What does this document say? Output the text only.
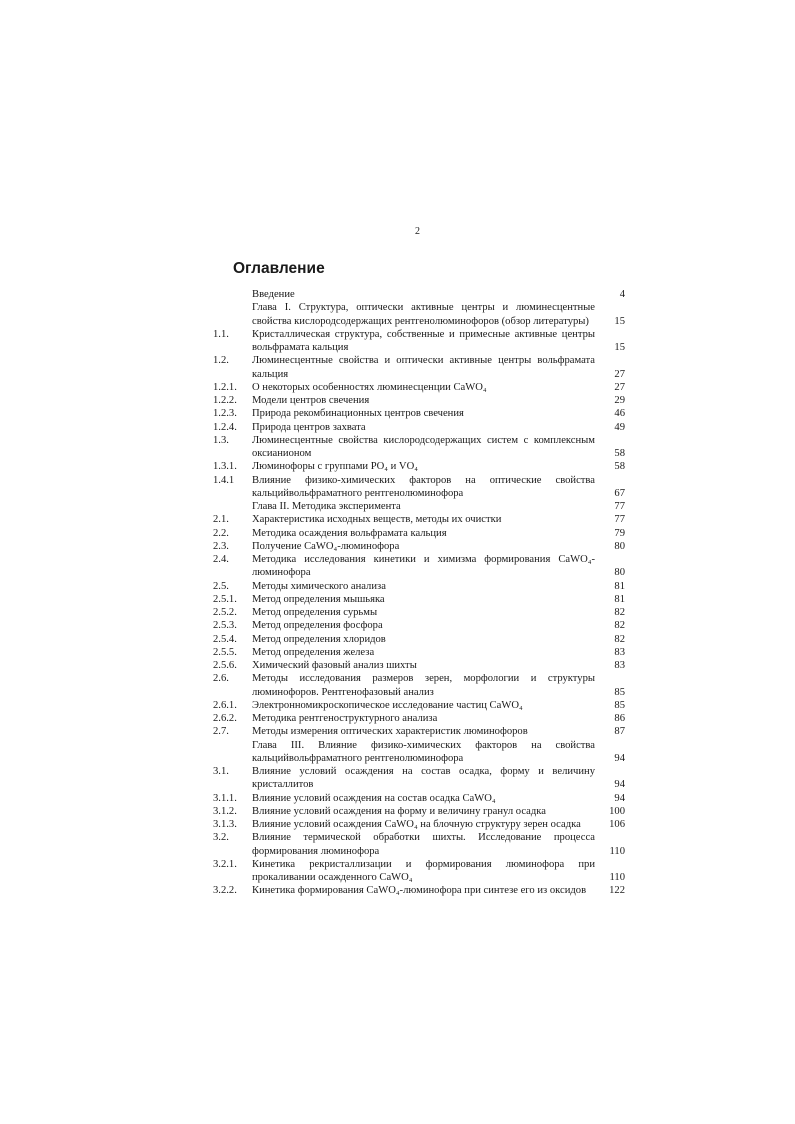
2
Оглавление
Введение	4
Глава I. Структура, оптически активные центры и люминесцентные свойства кислородсодержащих рентгенолюминофоров (обзор литературы)	15
1.1.	Кристаллическая структура, собственные и примесные активные центры вольфрамата кальция	15
1.2.	Люминесцентные свойства и оптически активные центры вольфрамата кальция	27
1.2.1.	О некоторых особенностях люминесценции CaWO₄	27
1.2.2.	Модели центров свечения	29
1.2.3.	Природа рекомбинационных центров свечения	46
1.2.4.	Природа центров захвата	49
1.3.	Люминесцентные свойства кислородсодержащих систем с комплексным оксианионом	58
1.3.1.	Люминофоры с группами PO₄ и VO₄	58
1.4.1	Влияние физико-химических факторов на оптические свойства кальцийвольфраматного рентгенолюминофора	67
Глава II. Методика эксперимента	77
2.1.	Характеристика исходных веществ, методы их очистки	77
2.2.	Методика осаждения вольфрамата кальция	79
2.3.	Получение CaWO₄-люминофора	80
2.4.	Методика исследования кинетики и химизма формирования CaWO₄-люминофора	80
2.5.	Методы химического анализа	81
2.5.1.	Метод определения мышьяка	81
2.5.2.	Метод определения сурьмы	82
2.5.3.	Метод определения фосфора	82
2.5.4.	Метод определения хлоридов	82
2.5.5.	Метод определения железа	83
2.5.6.	Химический фазовый анализ шихты	83
2.6.	Методы исследования размеров зерен, морфологии и структуры люминофоров. Рентгенофазовый анализ	85
2.6.1.	Электронномикроскопическое исследование частиц CaWO₄	85
2.6.2.	Методика рентгеноструктурного анализа	86
2.7.	Методы измерения оптических характеристик люминофоров	87
Глава III. Влияние физико-химических факторов на свойства кальцийвольфраматного рентгенолюминофора	94
3.1.	Влияние условий осаждения на состав осадка, форму и величину кристаллитов	94
3.1.1.	Влияние условий осаждения на состав осадка CaWO₄	94
3.1.2.	Влияние условий осаждения на форму и величину гранул осадка	100
3.1.3.	Влияние условий осаждения CaWO₄ на блочную структуру зерен осадка	106
3.2.	Влияние термической обработки шихты. Исследование процесса формирования люминофора	110
3.2.1.	Кинетика рекристаллизации и формирования люминофора при прокаливании осажденного CaWO₄	110
3.2.2.	Кинетика формирования CaWO₄-люминофора при синтезе его из оксидов	122
